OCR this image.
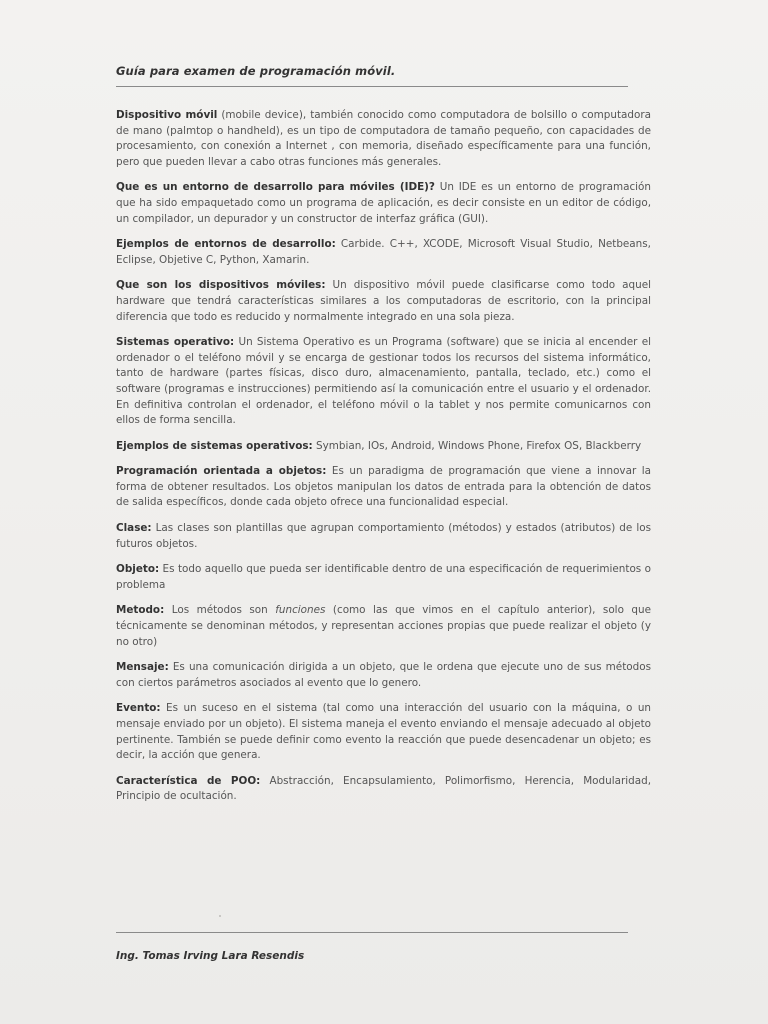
Guía para examen de programación móvil.

Dispositivo móvil (mobile device), también conocido como computadora de bolsillo o computadora de mano (palmtop o handheld), es un tipo de computadora de tamaño pequeño, con capacidades de procesamiento, con conexión a Internet , con memoria, diseñado específicamente para una función, pero que pueden llevar a cabo otras funciones más generales.

Que es un entorno de desarrollo para móviles (IDE)? Un IDE es un entorno de programación que ha sido empaquetado como un programa de aplicación, es decir consiste en un editor de código, un compilador, un depurador y un constructor de interfaz gráfica (GUI).

Ejemplos de entornos de desarrollo: Carbide. C++, XCODE, Microsoft Visual Studio, Netbeans, Eclipse, Objetive C, Python, Xamarin.

Que son los dispositivos móviles: Un dispositivo móvil puede clasificarse como todo aquel hardware que tendrá características similares a los computadoras de escritorio, con la principal diferencia que todo es reducido y normalmente integrado en una sola pieza.

Sistemas operativo: Un Sistema Operativo es un Programa (software) que se inicia al encender el ordenador o el teléfono móvil y se encarga de gestionar todos los recursos del sistema informático, tanto de hardware (partes físicas, disco duro, almacenamiento, pantalla, teclado, etc.) como el software (programas e instrucciones) permitiendo así la comunicación entre el usuario y el ordenador. En definitiva controlan el ordenador, el teléfono móvil o la tablet y nos permite comunicarnos con ellos de forma sencilla.

Ejemplos de sistemas operativos: Symbian, IOs, Android, Windows Phone, Firefox OS, Blackberry

Programación orientada a objetos: Es un paradigma de programación que viene a innovar la forma de obtener resultados. Los objetos manipulan los datos de entrada para la obtención de datos de salida específicos, donde cada objeto ofrece una funcionalidad especial.

Clase: Las clases son plantillas que agrupan comportamiento (métodos) y estados (atributos) de los futuros objetos.

Objeto: Es todo aquello que pueda ser identificable dentro de una especificación de requerimientos o problema

Metodo: Los métodos son funciones (como las que vimos en el capítulo anterior), solo que técnicamente se denominan métodos, y representan acciones propias que puede realizar el objeto (y no otro)

Mensaje: Es una comunicación dirigida a un objeto, que le ordena que ejecute uno de sus métodos con ciertos parámetros asociados al evento que lo genero.

Evento: Es un suceso en el sistema (tal como una interacción del usuario con la máquina, o un mensaje enviado por un objeto). El sistema maneja el evento enviando el mensaje adecuado al objeto pertinente. También se puede definir como evento la reacción que puede desencadenar un objeto; es decir, la acción que genera.

Característica de POO: Abstracción, Encapsulamiento, Polimorfismo, Herencia, Modularidad, Principio de ocultación.

Ing. Tomas Irving Lara Resendis
